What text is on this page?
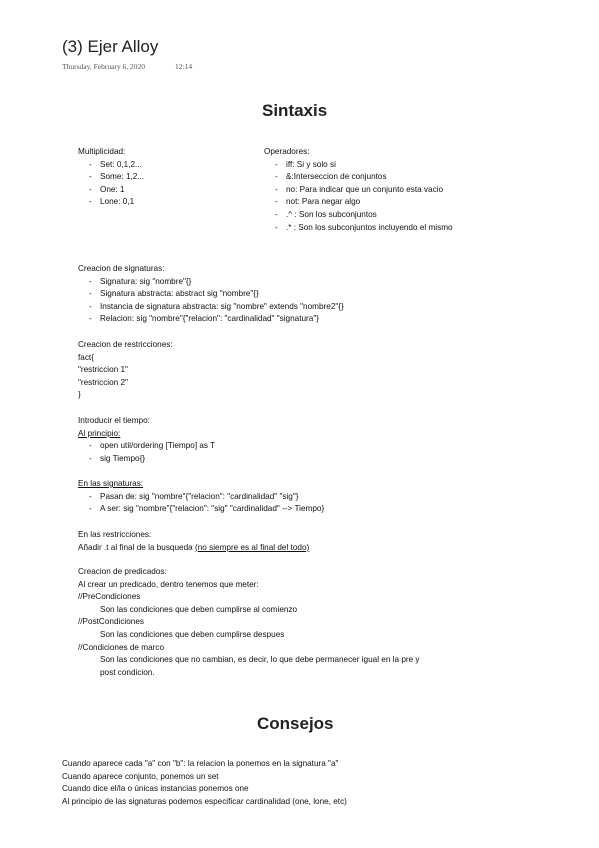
(3) Ejer Alloy
Thursday, February 6, 2020	12:14
Sintaxis
Multiplicidad:
- Set: 0,1,2...
- Some: 1,2...
- One: 1
- Lone: 0,1
Operadores:
- iff: Si y solo si
- &:Interseccion de conjuntos
- no: Para indicar que un conjunto esta vacio
- not: Para negar algo
- .^ : Son los subconjuntos
- .* : Son los subconjuntos incluyendo el mismo
Creacion de signaturas:
- Signatura: sig "nombre"{}
- Signatura abstracta: abstract sig "nombre"{}
- Instancia de signatura abstracta: sig "nombre" extends "nombre2"{}
- Relacion: sig "nombre"{"relacion": "cardinalidad" "signatura"}
Creacion de restricciones:
fact{
"restriccion 1"
"restriccion 2"
}
Introducir el tiempo:
Al principio:
- open util/ordering [Tiempo] as T
- sig Tiempo{}
En las signaturas:
- Pasan de: sig "nombre"{"relacion": "cardinalidad" "sig"}
- A ser: sig "nombre"{"relacion": "sig" "cardinalidad" --> Tiempo}
En las restricciones:
Añadir .t al final de la busqueda (no siempre es al final del todo)
Creacion de predicados:
Al crear un predicado, dentro tenemos que meter:
//PreCondiciones
Son las condiciones que deben cumplirse al comienzo
//PostCondiciones
Son las condiciones que deben cumplirse despues
//Condiciones de marco
Son las condiciones que no cambian, es decir, lo que debe permanecer igual en la pre y
post condicion.
Consejos
Cuando aparece cada "a" con "b": la relacion la ponemos en la signatura "a"
Cuando aparece conjunto, ponemos un set
Cuando dice el/la o únicas instancias ponemos one
Al principio de las signaturas podemos especificar cardinalidad (one, lone, etc)
